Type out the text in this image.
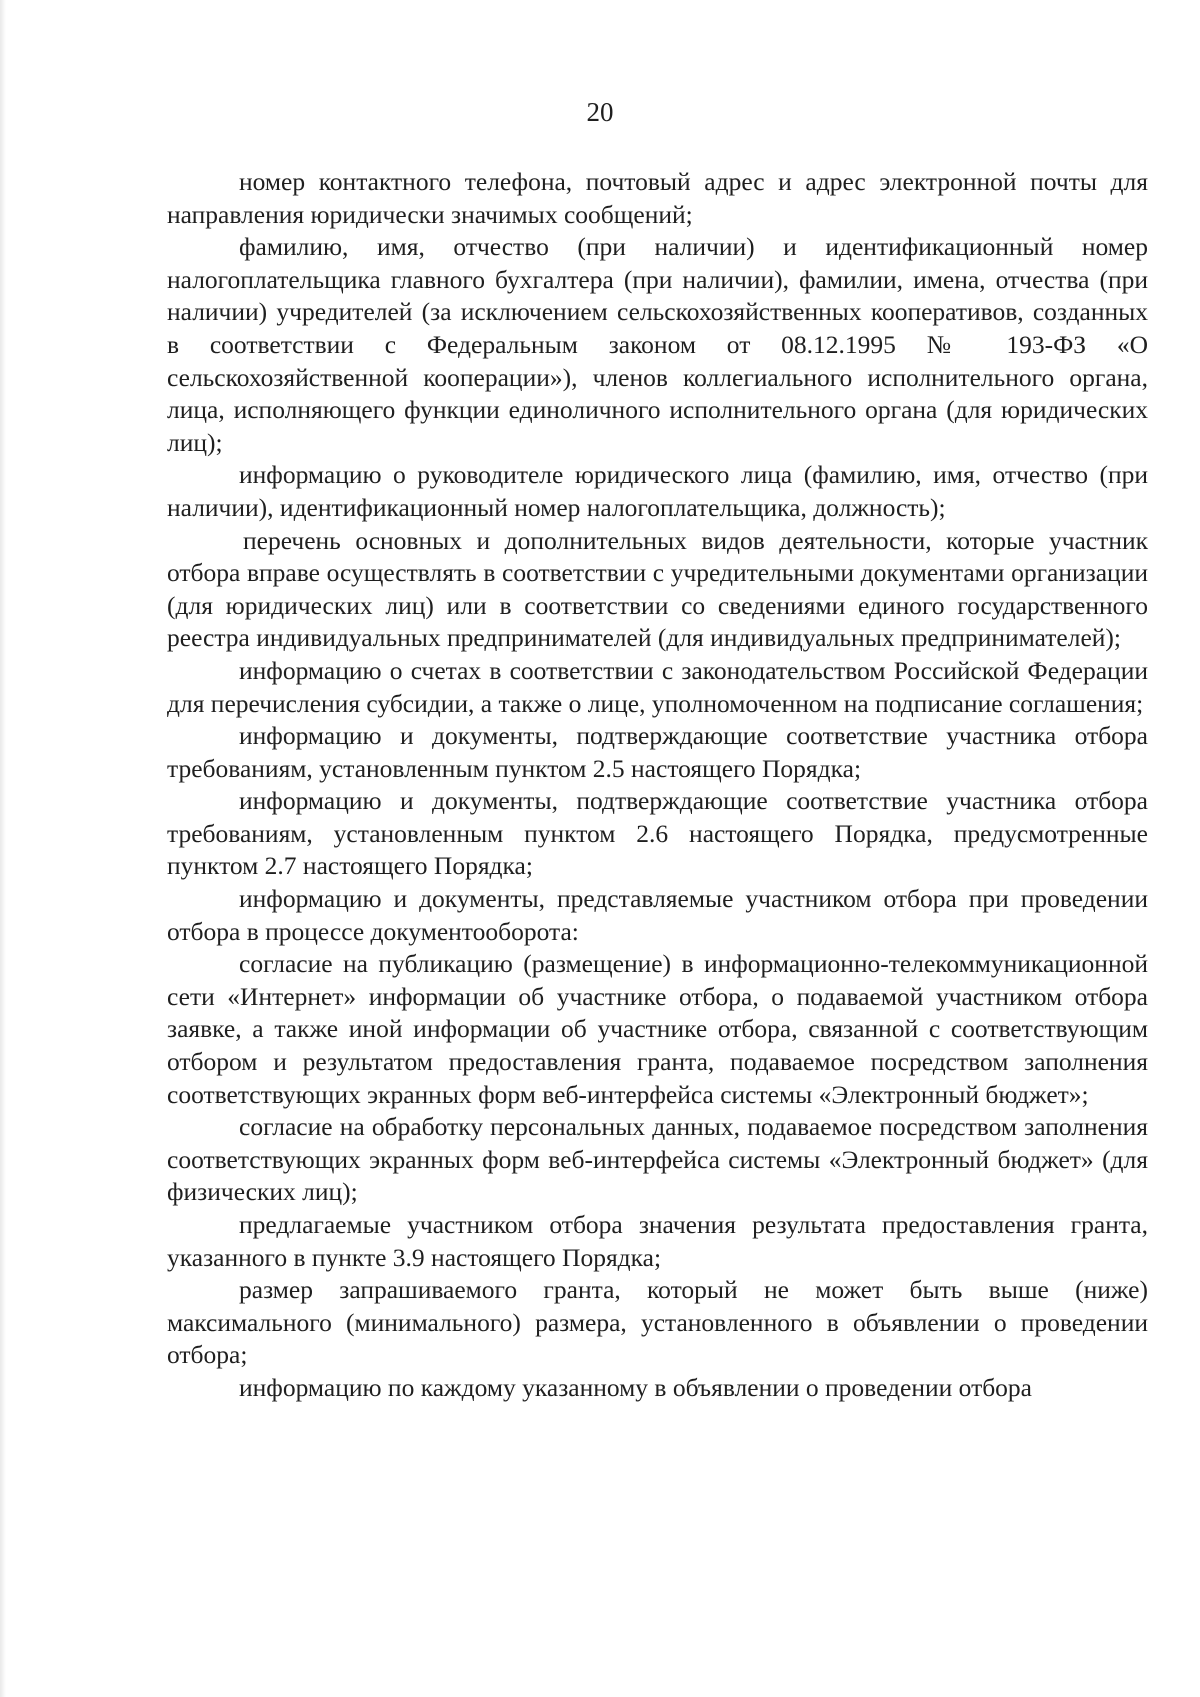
20

номер контактного телефона, почтовый адрес и адрес электронной почты для направления юридически значимых сообщений;

фамилию, имя, отчество (при наличии) и идентификационный номер налогоплательщика главного бухгалтера (при наличии), фамилии, имена, отчества (при наличии) учредителей (за исключением сельскохозяйственных кооперативов, созданных в соответствии с Федеральным законом от 08.12.1995 № 193-ФЗ «О сельскохозяйственной кооперации»), членов коллегиального исполнительного органа, лица, исполняющего функции единоличного исполнительного органа (для юридических лиц);

информацию о руководителе юридического лица (фамилию, имя, отчество (при наличии), идентификационный номер налогоплательщика, должность);

перечень основных и дополнительных видов деятельности, которые участник отбора вправе осуществлять в соответствии с учредительными документами организации (для юридических лиц) или в соответствии со сведениями единого государственного реестра индивидуальных предпринимателей (для индивидуальных предпринимателей);

информацию о счетах в соответствии с законодательством Российской Федерации для перечисления субсидии, а также о лице, уполномоченном на подписание соглашения;

информацию и документы, подтверждающие соответствие участника отбора требованиям, установленным пунктом 2.5 настоящего Порядка;

информацию и документы, подтверждающие соответствие участника отбора требованиям, установленным пунктом 2.6 настоящего Порядка, предусмотренные пунктом 2.7 настоящего Порядка;

информацию и документы, представляемые участником отбора при проведении отбора в процессе документооборота:

согласие на публикацию (размещение) в информационно-телекоммуникационной сети «Интернет» информации об участнике отбора, о подаваемой участником отбора заявке, а также иной информации об участнике отбора, связанной с соответствующим отбором и результатом предоставления гранта, подаваемое посредством заполнения соответствующих экранных форм веб-интерфейса системы «Электронный бюджет»;

согласие на обработку персональных данных, подаваемое посредством заполнения соответствующих экранных форм веб-интерфейса системы «Электронный бюджет» (для физических лиц);

предлагаемые участником отбора значения результата предоставления гранта, указанного в пункте 3.9 настоящего Порядка;

размер запрашиваемого гранта, который не может быть выше (ниже) максимального (минимального) размера, установленного в объявлении о проведении отбора;

информацию по каждому указанному в объявлении о проведении отбора
